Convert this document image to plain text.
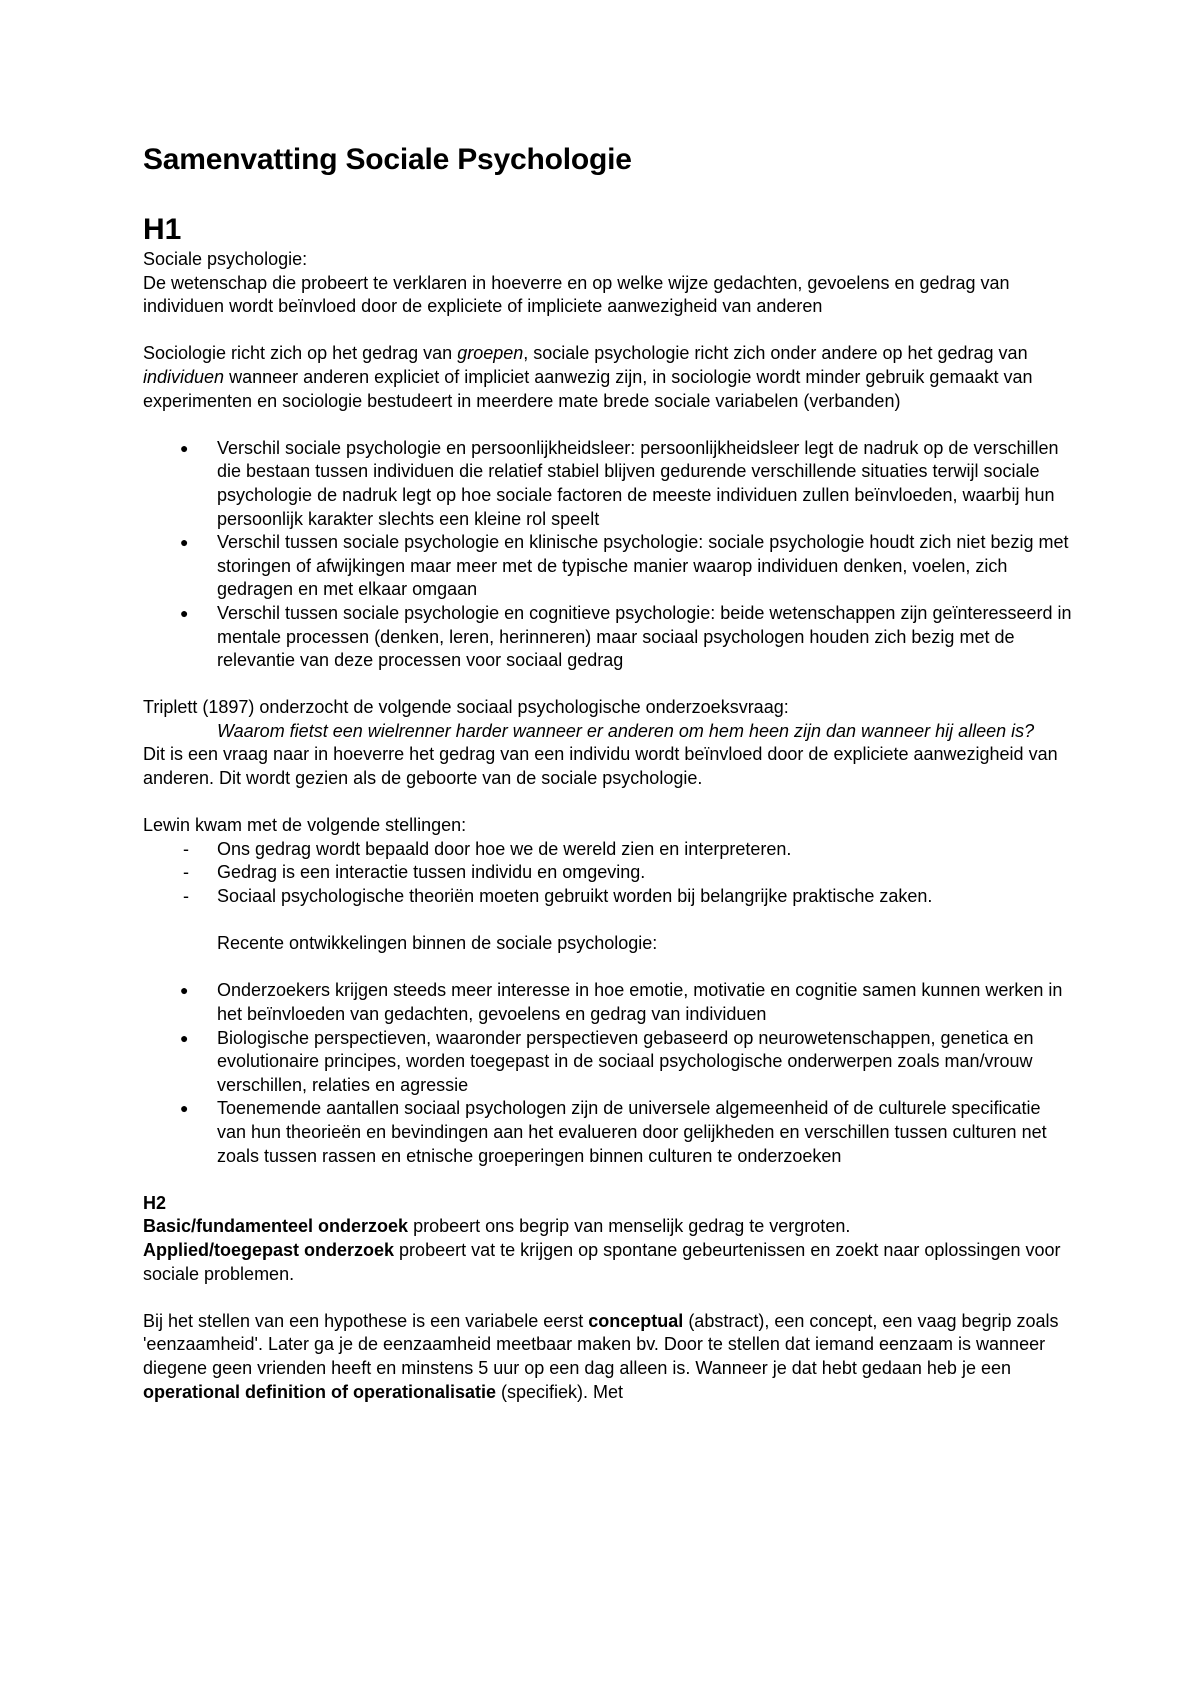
Samenvatting Sociale Psychologie
H1

Sociale psychologie:

De wetenschap die probeert te verklaren in hoeverre en op welke wijze gedachten, gevoelens en gedrag van individuen wordt beïnvloed door de expliciete of impliciete aanwezigheid van anderen

Sociologie richt zich op het gedrag van groepen, sociale psychologie richt zich onder andere op het gedrag van individuen wanneer anderen expliciet of impliciet aanwezig zijn, in sociologie wordt minder gebruik gemaakt van experimenten en sociologie bestudeert in meerdere mate brede sociale variabelen (verbanden)

● Verschil sociale psychologie en persoonlijkheidsleer: persoonlijkheidsleer legt de nadruk op de verschillen die bestaan tussen individuen die relatief stabiel blijven gedurende verschillende situaties terwijl sociale psychologie de nadruk legt op hoe sociale factoren de meeste individuen zullen beïnvloeden, waarbij hun persoonlijk karakter slechts een kleine rol speelt
● Verschil tussen sociale psychologie en klinische psychologie: sociale psychologie houdt zich niet bezig met storingen of afwijkingen maar meer met de typische manier waarop individuen denken, voelen, zich gedragen en met elkaar omgaan
● Verschil tussen sociale psychologie en cognitieve psychologie: beide wetenschappen zijn geïnteresseerd in mentale processen (denken, leren, herinneren) maar sociaal psychologen houden zich bezig met de relevantie van deze processen voor sociaal gedrag

Triplett (1897) onderzocht de volgende sociaal psychologische onderzoeksvraag:

Waarom fietst een wielrenner harder wanneer er anderen om hem heen zijn dan wanneer hij alleen is?

Dit is een vraag naar in hoeverre het gedrag van een individu wordt beïnvloed door de expliciete aanwezigheid van anderen. Dit wordt gezien als de geboorte van de sociale psychologie.

Lewin kwam met de volgende stellingen:

- Ons gedrag wordt bepaald door hoe we de wereld zien en interpreteren.
- Gedrag is een interactie tussen individu en omgeving.
- Sociaal psychologische theoriën moeten gebruikt worden bij belangrijke praktische zaken.

Recente ontwikkelingen binnen de sociale psychologie:

● Onderzoekers krijgen steeds meer interesse in hoe emotie, motivatie en cognitie samen kunnen werken in het beïnvloeden van gedachten, gevoelens en gedrag van individuen
● Biologische perspectieven, waaronder perspectieven gebaseerd op neurowetenschappen, genetica en evolutionaire principes, worden toegepast in de sociaal psychologische onderwerpen zoals man/vrouw verschillen, relaties en agressie
● Toenemende aantallen sociaal psychologen zijn de universele algemeenheid of de culturele specificatie van hun theorieën en bevindingen aan het evalueren door gelijkheden en verschillen tussen culturen net zoals tussen rassen en etnische groeperingen binnen culturen te onderzoeken
H2

Basic/fundamenteel onderzoek probeert ons begrip van menselijk gedrag te vergroten.

Applied/toegepast onderzoek probeert vat te krijgen op spontane gebeurtenissen en zoekt naar oplossingen voor sociale problemen.

Bij het stellen van een hypothese is een variabele eerst conceptual (abstract), een concept, een vaag begrip zoals 'eenzaamheid'. Later ga je de eenzaamheid meetbaar maken bv. Door te stellen dat iemand eenzaam is wanneer diegene geen vrienden heeft en minstens 5 uur op een dag alleen is. Wanneer je dat hebt gedaan heb je een operational definition of operationalisatie (specifiek). Met
